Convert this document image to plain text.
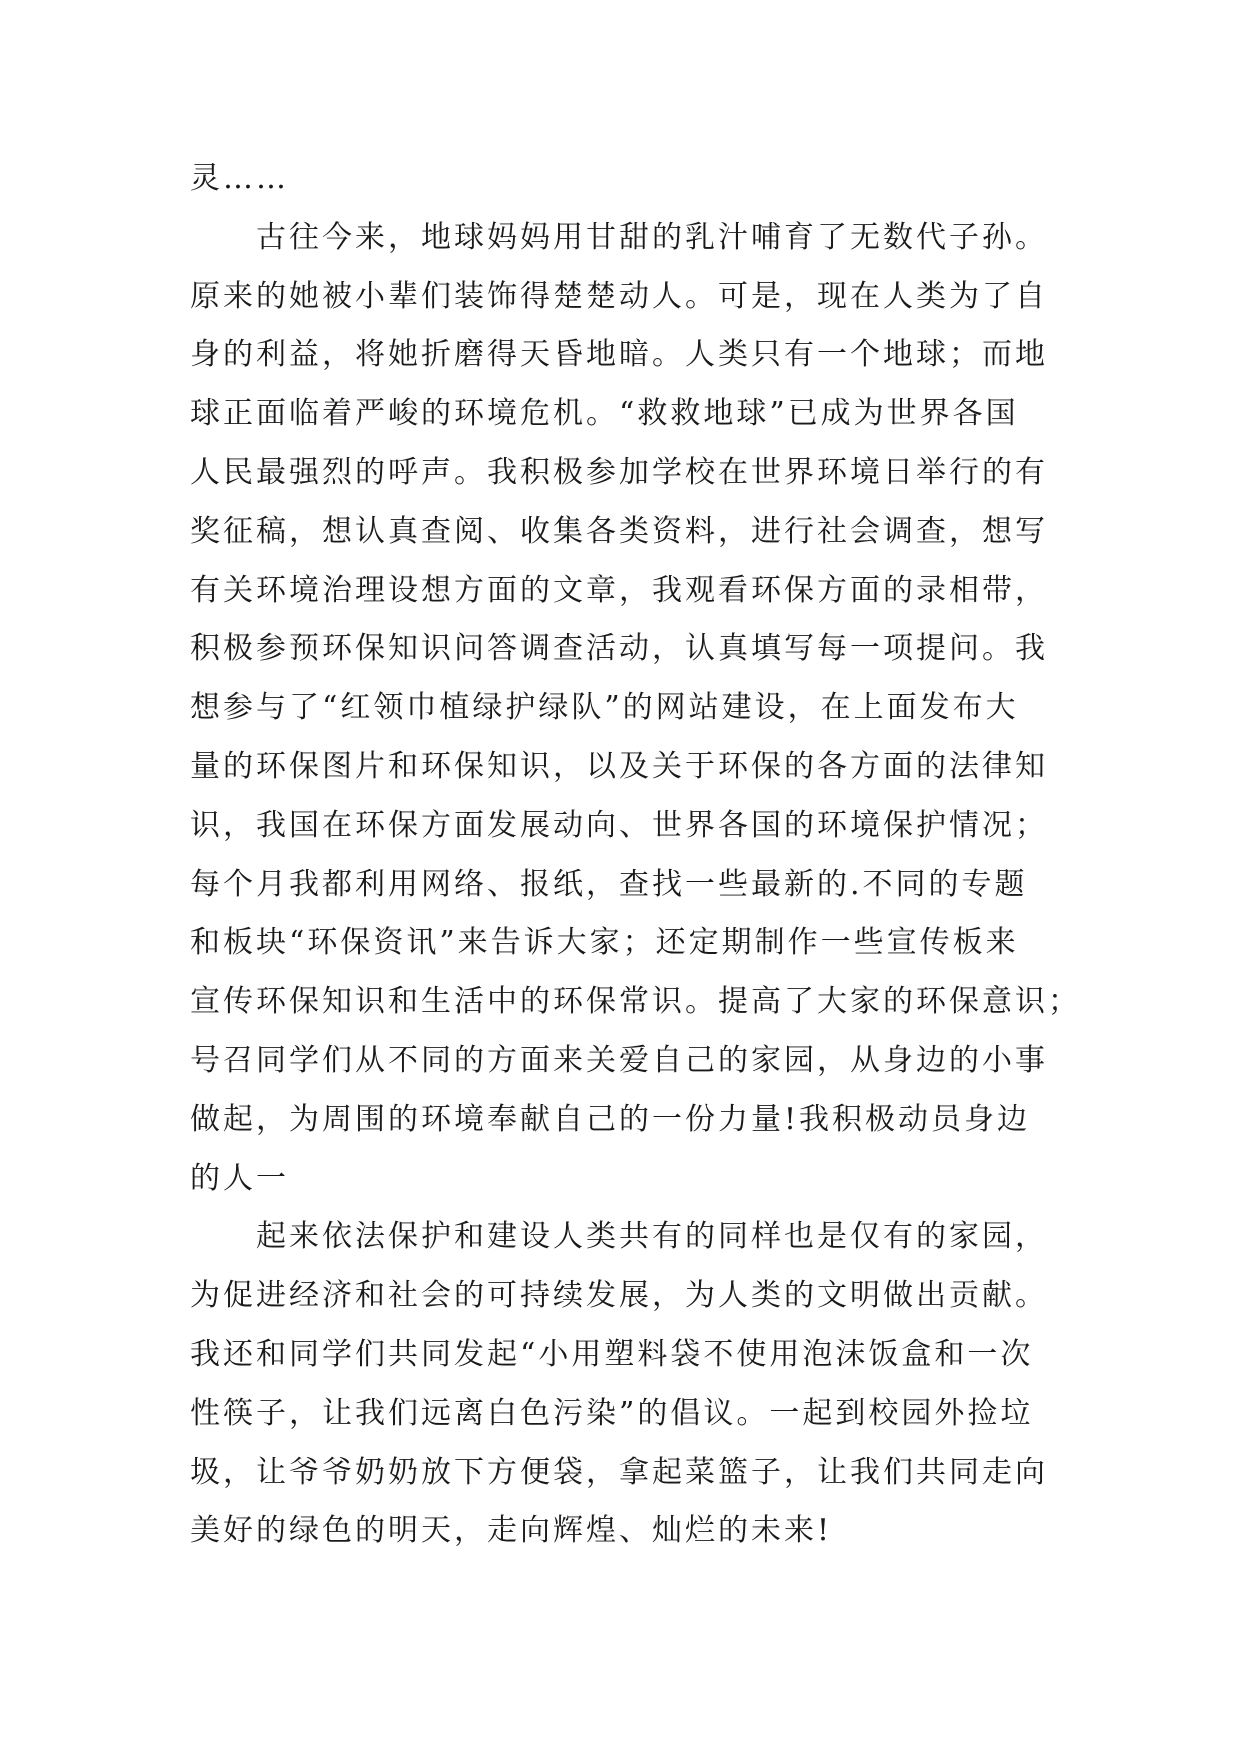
灵……
古往今来，地球妈妈用甘甜的乳汁哺育了无数代子孙。
原来的她被小辈们装饰得楚楚动人。可是，现在人类为了自
身的利益，将她折磨得天昏地暗。人类只有一个地球；而地
球正面临着严峻的环境危机。“救救地球”已成为世界各国
人民最强烈的呼声。我积极参加学校在世界环境日举行的有
奖征稿，想认真查阅、收集各类资料，进行社会调查，想写
有关环境治理设想方面的文章，我观看环保方面的录相带，
积极参预环保知识问答调查活动，认真填写每一项提问。我
想参与了“红领巾植绿护绿队”的网站建设，在上面发布大
量的环保图片和环保知识，以及关于环保的各方面的法律知
识，我国在环保方面发展动向、世界各国的环境保护情况；
每个月我都利用网络、报纸，查找一些最新的.不同的专题
和板块“环保资讯”来告诉大家；还定期制作一些宣传板来
宣传环保知识和生活中的环保常识。提高了大家的环保意识；
号召同学们从不同的方面来关爱自己的家园，从身边的小事
做起，为周围的环境奉献自己的一份力量!我积极动员身边
的人一
起来依法保护和建设人类共有的同样也是仅有的家园，
为促进经济和社会的可持续发展，为人类的文明做出贡献。
我还和同学们共同发起“小用塑料袋不使用泡沫饭盒和一次
性筷子，让我们远离白色污染”的倡议。一起到校园外捡垃
圾，让爷爷奶奶放下方便袋，拿起菜篮子，让我们共同走向
美好的绿色的明天，走向辉煌、灿烂的未来!
